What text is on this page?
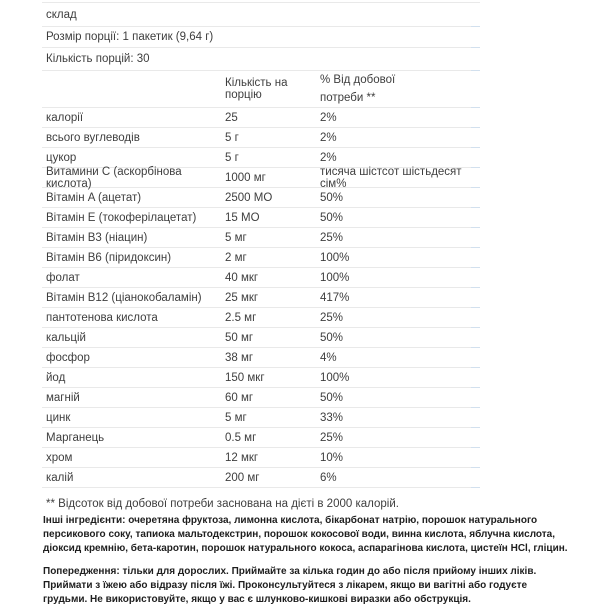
склад
Розмір порції: 1 пакетик (9,64 г)
Кількість порцій: 30
Кількість на порцію
% Від добової
потреби **
калорії	25	2%
всього вуглеводів	5 г	2%
цукор	5 г	2%
Витамини C (аскорбінова кислота)	1000 мг	тисяча шістсот шістьдесят сім%
Вітамін A (ацетат)	2500 МО	50%
Вітамін E (токоферілацетат)	15 МО	50%
Вітамін B3 (ніацин)	5 мг	25%
Вітамін B6 (піридоксин)	2 мг	100%
фолат	40 мкг	100%
Вітамін B12 (ціанокобаламін)	25 мкг	417%
пантотенова кислота	2.5 мг	25%
кальцій	50 мг	50%
фосфор	38 мг	4%
йод	150 мкг	100%
магній	60 мг	50%
цинк	5 мг	33%
Марганець	0.5 мг	25%
хром	12 мкг	10%
калій	200 мг	6%
** Відсоток від добової потреби заснована на дієті в 2000 калорій.
Інші інгредієнти: очеретяна фруктоза, лимонна кислота, бікарбонат натрію, порошок натурального персикового соку, тапиока мальтодекстрин, порошок кокосової води, винна кислота, яблучна кислота, діоксид кремнію, бета-каротин, порошок натурального кокоса, аспарагінова кислота, цистеїн HCl, гліцин.
Попередження: тільки для дорослих. Приймайте за кілька годин до або після прийому інших ліків. Приймати з їжею або відразу після їжі. Проконсультуйтеся з лікарем, якщо ви вагітні або годуєте грудьми. Не використовуйте, якщо у вас є шлунково-кишкові виразки або обструкція.
